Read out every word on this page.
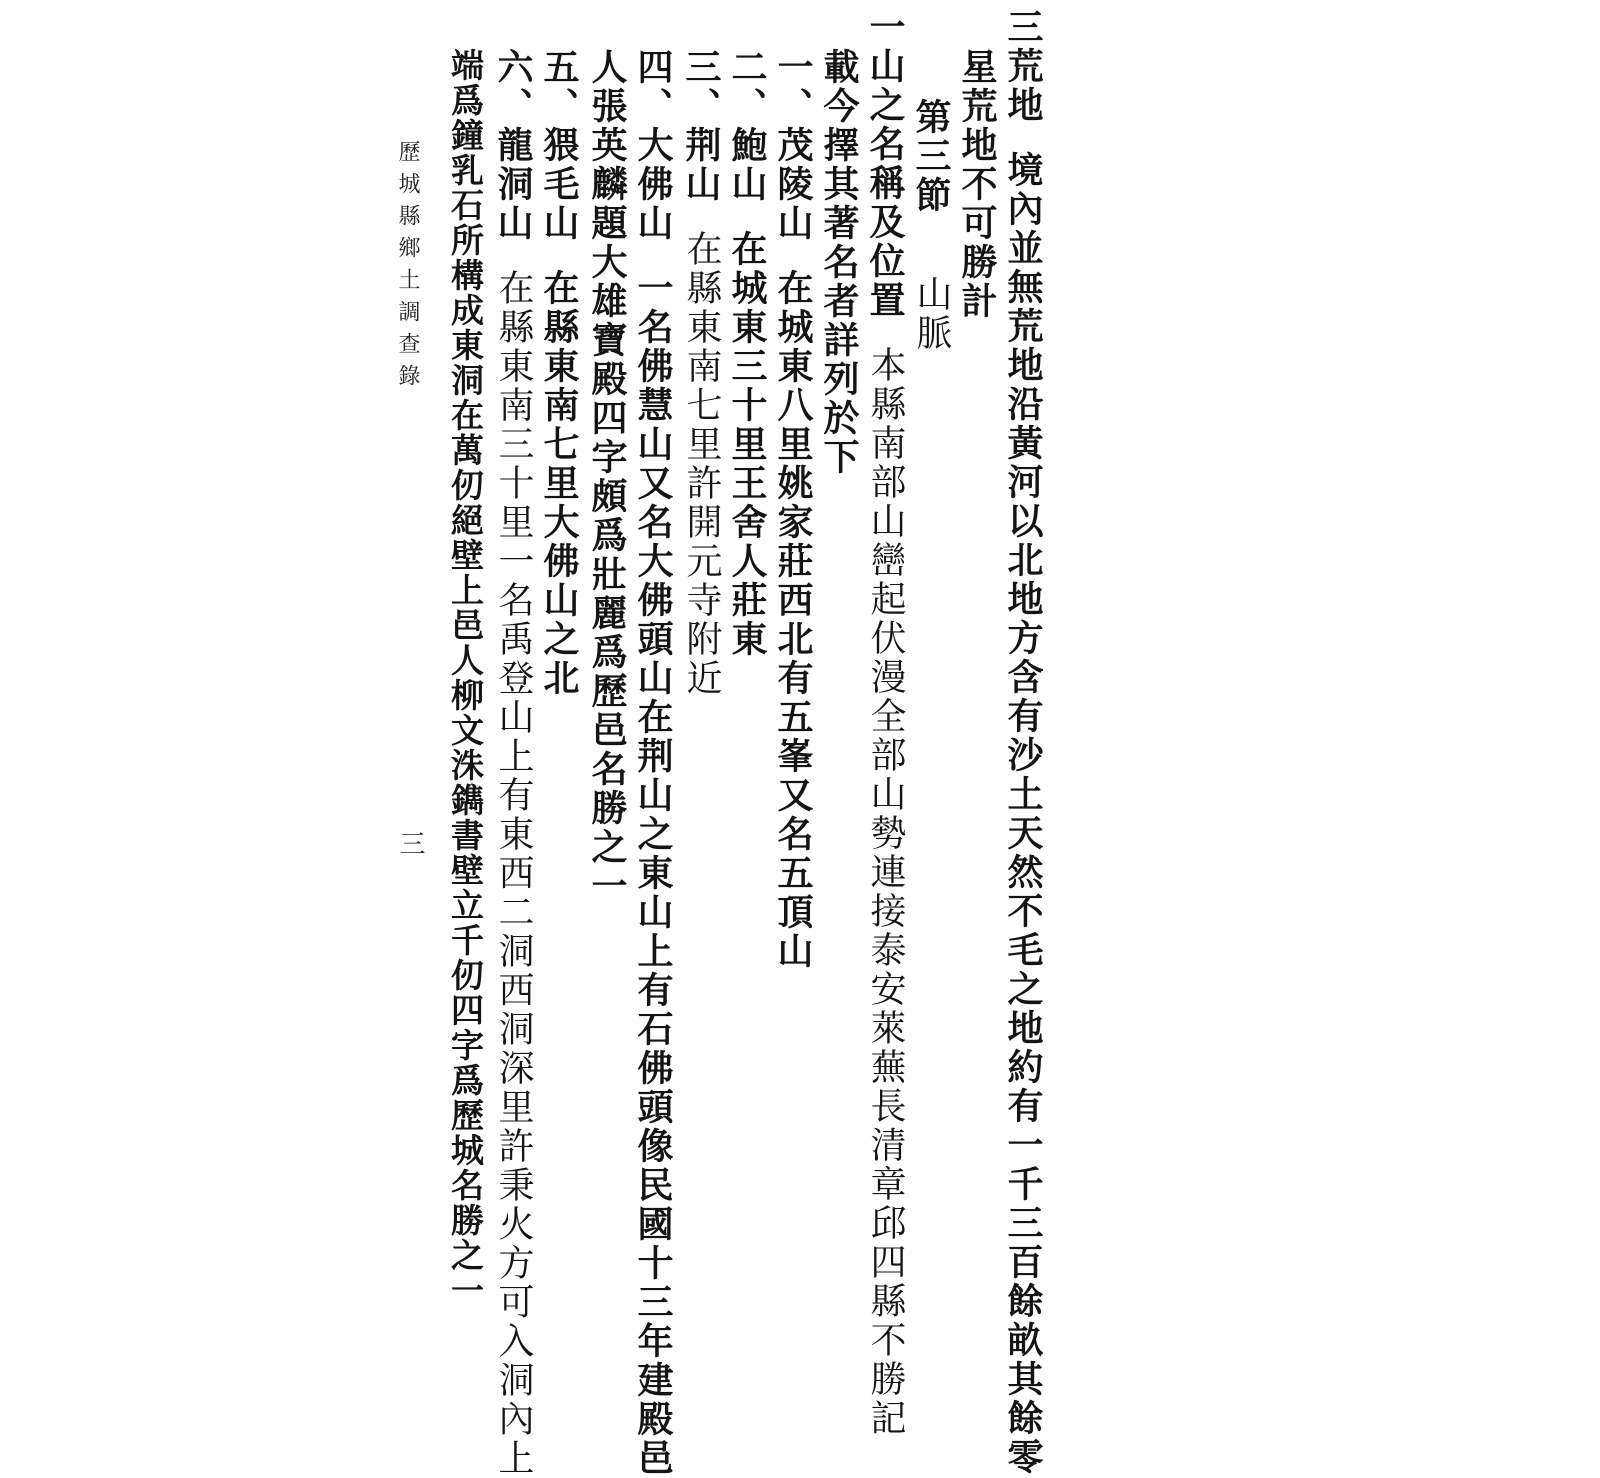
三荒地境內並無荒地沿黃河以北地方含有沙土天然不毛之地約有一千三百餘畝其餘零
星荒地不可勝計
第三節山脈
一山之名稱及位置本縣南部山巒起伏漫全部山勢連接泰安萊蕪長清章邱四縣不勝記
載今擇其著名者詳列於下
一、茂陵山在城東八里姚家莊西北有五峯又名五頂山
二、鮑山在城東三十里王舍人莊東
三、荆山在縣東南七里許開元寺附近
四、大佛山一名佛慧山又名大佛頭山在荆山之東山上有石佛頭像民國十三年建殿邑
人張英麟題大雄寶殿四字頗爲壯麗爲歷邑名勝之一
五、猥毛山在縣東南七里大佛山之北
六、龍洞山在縣東南三十里一名禹登山上有東西二洞西洞深里許秉火方可入洞內上
端爲鐘乳石所構成東洞在萬仞絕壁上邑人柳文洙鐫書壁立千仞四字爲歷城名勝之一
歷城縣鄉土調查錄
三
